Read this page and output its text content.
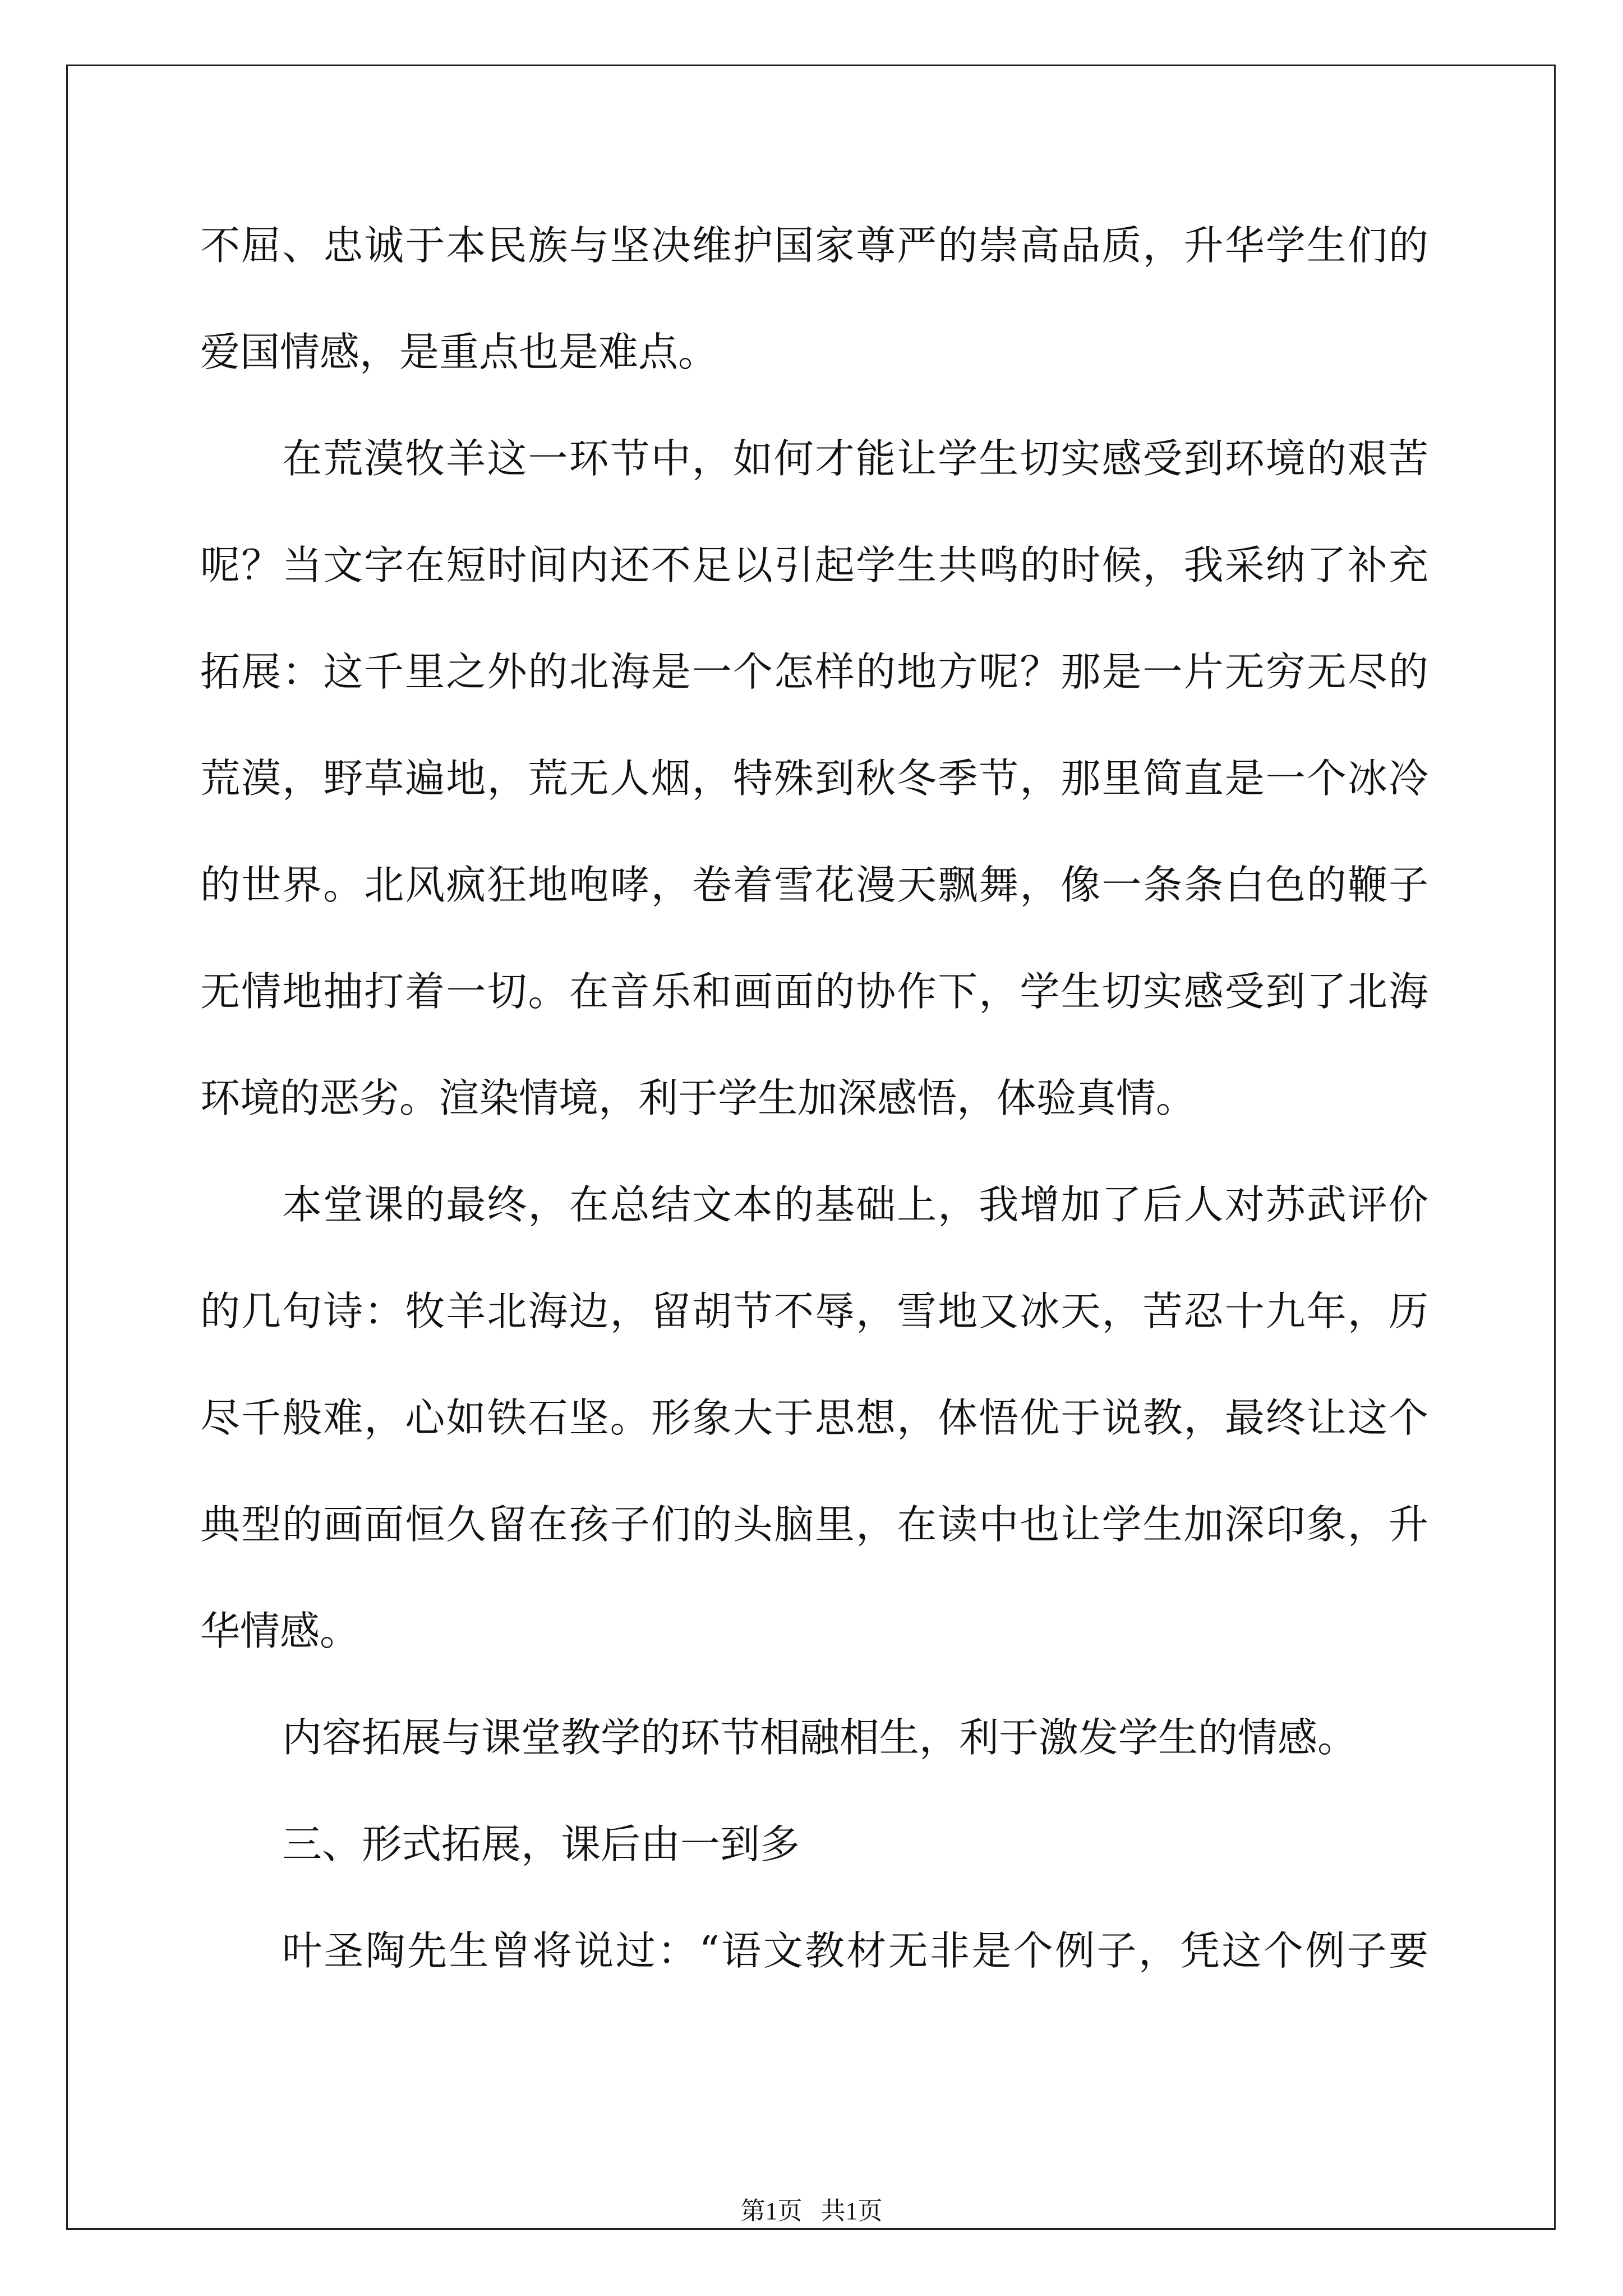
不屈、忠诚于本民族与坚决维护国家尊严的崇高品质，升华学生们的
爱国情感，是重点也是难点。
在荒漠牧羊这一环节中，如何才能让学生切实感受到环境的艰苦
呢？当文字在短时间内还不足以引起学生共鸣的时候，我采纳了补充
拓展：这千里之外的北海是一个怎样的地方呢？那是一片无穷无尽的
荒漠，野草遍地，荒无人烟，特殊到秋冬季节，那里简直是一个冰冷
的世界。北风疯狂地咆哮，卷着雪花漫天飘舞，像一条条白色的鞭子
无情地抽打着一切。在音乐和画面的协作下，学生切实感受到了北海
环境的恶劣。渲染情境，利于学生加深感悟，体验真情。
本堂课的最终，在总结文本的基础上，我增加了后人对苏武评价
的几句诗：牧羊北海边，留胡节不辱，雪地又冰天，苦忍十九年，历
尽千般难，心如铁石坚。形象大于思想，体悟优于说教，最终让这个
典型的画面恒久留在孩子们的头脑里，在读中也让学生加深印象，升
华情感。
内容拓展与课堂教学的环节相融相生，利于激发学生的情感。
三、形式拓展，课后由一到多
叶圣陶先生曾将说过：“语文教材无非是个例子，凭这个例子要
第1页   共1页
